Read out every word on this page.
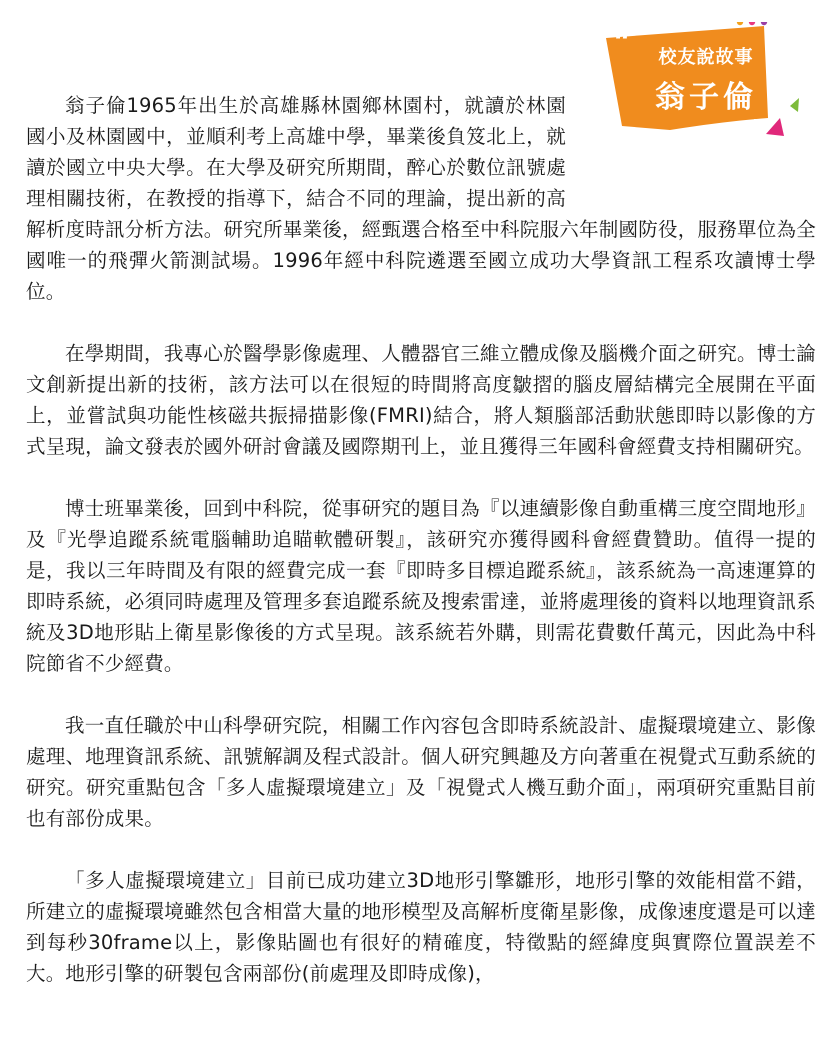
“	校友說故事
翁子倫
”

翁子倫1965年出生於高雄縣林園鄉林園村，就讀於林園國小及林園國中，並順利考上高雄中學，畢業後負笈北上，就讀於國立中央大學。在大學及研究所期間，醉心於數位訊號處理相關技術，在教授的指導下，結合不同的理論，提出新的高解析度時訊分析方法。研究所畢業後，經甄選合格至中科院服六年制國防役，服務單位為全國唯一的飛彈火箭測試場。1996年經中科院遴選至國立成功大學資訊工程系攻讀博士學位。

在學期間，我專心於醫學影像處理、人體器官三維立體成像及腦機介面之研究。博士論文創新提出新的技術，該方法可以在很短的時間將高度皺摺的腦皮層結構完全展開在平面上，並嘗試與功能性核磁共振掃描影像(FMRI)結合，將人類腦部活動狀態即時以影像的方式呈現，論文發表於國外研討會議及國際期刊上，並且獲得三年國科會經費支持相關研究。

博士班畢業後，回到中科院，從事研究的題目為『以連續影像自動重構三度空間地形』及『光學追蹤系統電腦輔助追瞄軟體研製』，該研究亦獲得國科會經費贊助。值得一提的是，我以三年時間及有限的經費完成一套『即時多目標追蹤系統』，該系統為一高速運算的即時系統，必須同時處理及管理多套追蹤系統及搜索雷達，並將處理後的資料以地理資訊系統及3D地形貼上衛星影像後的方式呈現。該系統若外購，則需花費數仟萬元，因此為中科院節省不少經費。

我一直任職於中山科學研究院，相關工作內容包含即時系統設計、虛擬環境建立、影像處理、地理資訊系統、訊號解調及程式設計。個人研究興趣及方向著重在視覺式互動系統的研究。研究重點包含「多人虛擬環境建立」及「視覺式人機互動介面」，兩項研究重點目前也有部份成果。

「多人虛擬環境建立」目前已成功建立3D地形引擎雛形，地形引擎的效能相當不錯，所建立的虛擬環境雖然包含相當大量的地形模型及高解析度衛星影像，成像速度還是可以達到每秒30frame以上，影像貼圖也有很好的精確度，特徵點的經緯度與實際位置誤差不大。地形引擎的研製包含兩部份(前處理及即時成像)，
